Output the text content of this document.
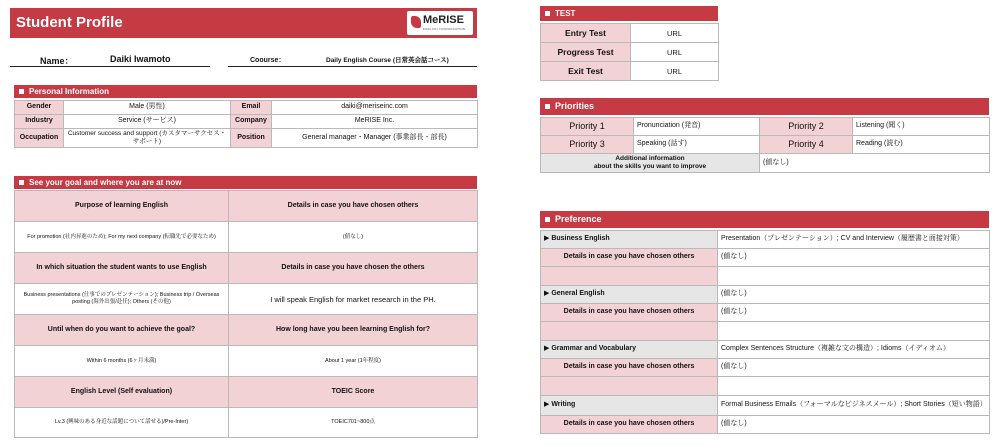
Student Profile	MeRISE
ENGLISH CONVERSATION
Name：	Daiki Iwamoto	Coourse：	Daily English Course (日常英会話コース)
Personal Information
Gender	Male (男性)	Email	daiki@meriseinc.com
Industry	Service (サービス)	Company	MeRISE Inc.
Occupation	Customer success and support (カスタマーサクセス・サポート)	Position	General manager・Manager (事業部長・部長)
See your goal and where you are at now
Purpose of learning English	Details in case you have chosen others
For promotion (社内昇進のため); For my next company (転職先で必要なため)	(値なし)
In which situation the student wants to use English	Details in case you have chosen the others
Business presentations (仕事でのプレゼンテーション); Business trip / Overseas posting (海外出張/赴任); Others (その他)	I will speak English for market research in the PH.
Until when do you want to achieve the goal?	How long have you been learning English for?
Within 6 months (6ヶ月未満)	About 1 year (1年程度)
English Level (Self evaluation)	TOEIC Score
Lv.3 (興味のある身近な話題について話せる)/Pre-Inter)	TOEIC701~800点
TEST
Entry Test	URL
Progress Test	URL
Exit Test	URL
Priorities
Priority 1	Pronunciation (発音)	Priority 2	Listening (聞く)
Priority 3	Speaking (話す)	Priority 4	Reading (読む)
Additional information
about the skills you want to improve		(値なし)	
Preference
▶ Business English	Presentation（プレゼンテーション）; CV and Interview（履歴書と面接対策）
Details in case you have chosen others	(値なし)

▶ General English	(値なし)
Details in case you have chosen others	(値なし)

▶ Grammar and Vocabulary	Complex Sentences Structure（複雑な文の構造）; Idioms（イディオム）
Details in case you have chosen others	(値なし)

▶ Writing	Formal Business Emails（フォーマルなビジネスメール）; Short Stories（短い物語）
Details in case you have chosen others	(値なし)
